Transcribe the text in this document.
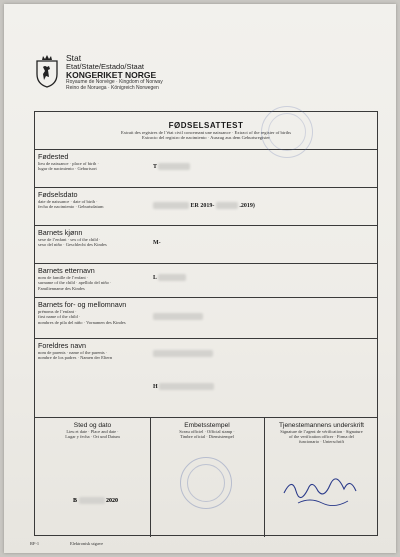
Stat
Etat/State/Estado/Staat
KONGERIKET NORGE
Royaume de Norvège · Kingdom of Norway
Reino de Noruega · Königreich Norwegen
FØDSELSATTEST
Extrait des registres de l’état civil concernant une naissance · Extract of the register of births
Extracto del registro de nacimiento · Auszug aus dem Geburtsregister
Fødested
lieu de naissance · place of birth ·
lugar de nacimiento · Geburtsort	T
Fødselsdato
date de naissance · date of birth ·
fecha de nacimiento · Geburtsdatum	ER 2019-	.2019)
Barnets kjønn
sexe de l’enfant · sex of the child ·
sexo del niño · Geschlecht des Kindes	M-
Barnets etternavn
nom de famille de l’enfant ·
surname of the child · apellido del niño ·
Familienname des Kindes
L
Barnets for- og mellomnavn
prénoms de l’enfant ·
first name of the child ·
nombres de pila del niño · Vornamen des Kindes
Foreldres navn
nom de parents · name of the parents ·
nombre de los padres · Namen der Eltern
H
Sted og dato
Lieu et date · Place and date ·
Lugar y fecha · Ort und Datum
B	2020
Embetsstempel
Sceau officiel · Official stamp ·
Timbre oficial · Dienststempel
Tjenestemannens underskrift
Signature de l’agent de vérification · Signature
of the verification officer · Firma del
funcionario · Unterschrift
RF-1	Elektronisk utgave
